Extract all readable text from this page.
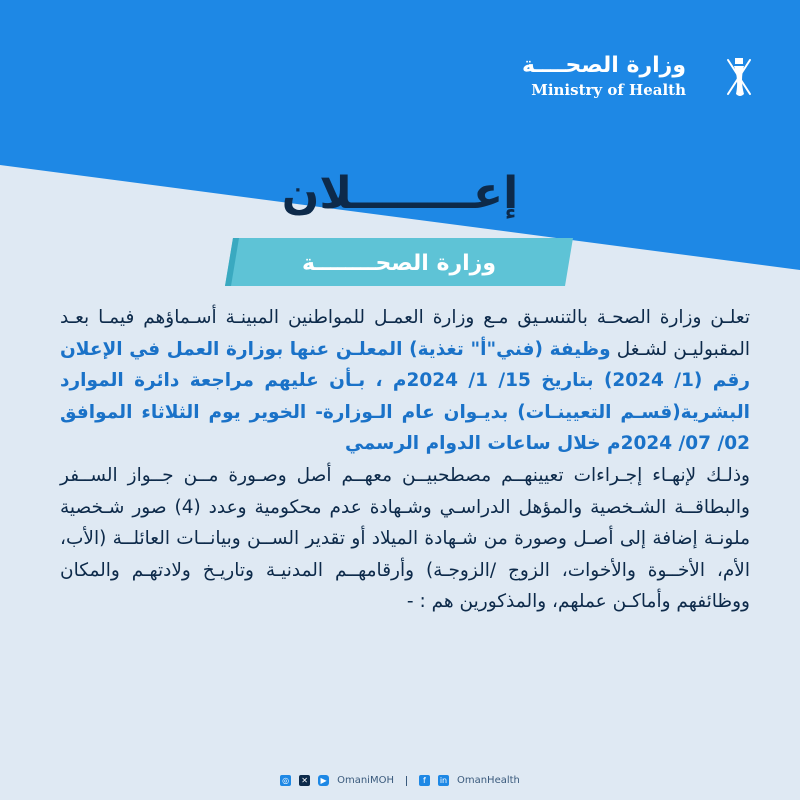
وزارة الصحــــة
Ministry of Health
إعــــــــلان
وزارة الصحــــــــة
تعلـن وزارة الصحـة بالتنسـيق مـع وزارة العمـل للمواطنين المبينـة أسـماؤهم فيمـا بعـد المقبوليـن لشـغل وظيفة (فني"أ" تغذية) المعلـن عنها بوزارة العمل في الإعلان رقم (1/ 2024) بتاريخ 15/ 1/ 2024م ، بـأن عليهم مراجعة دائرة الموارد البشرية(قسـم التعيينـات) بديـوان عام الـوزارة- الخوير يوم الثلاثاء الموافق 02/ 07/ 2024م خلال ساعات الدوام الرسمي
وذلـك لإنهـاء إجـراءات تعيينهــم مصطحبيــن معهــم أصل وصـورة مــن جــواز الســفر والبطاقــة الشـخصية والمؤهل الدراسـي وشـهادة عدم محكومية وعدد (4) صور شـخصية ملونـة إضافة إلى أصـل وصورة من شـهادة الميلاد أو تقدير الســن وبيانــات العائلــة (الأب، الأم، الأخــوة والأخوات، الزوج /الزوجـة) وأرقامهــم المدنيـة وتاريـخ ولادتهـم والمكان ووظائفهم وأماكـن عملهم، والمذكورين هم : -
◎ ✕	▶ OmaniMOH	f	in OmanHealth
